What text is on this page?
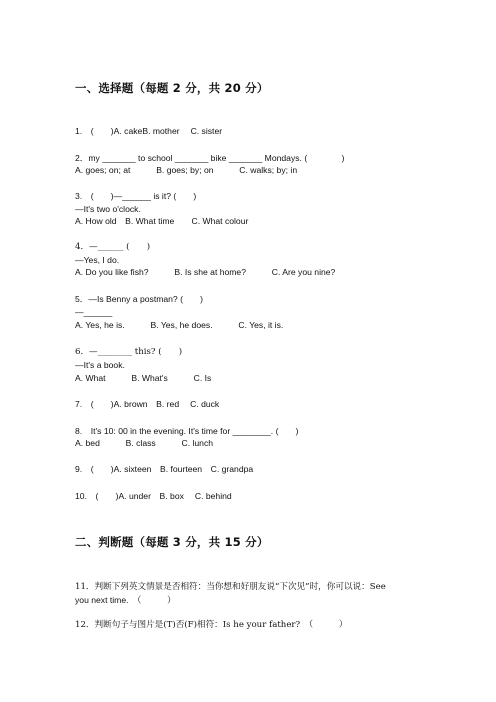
一、选择题（每题 2 分，共 20 分）
1.　(　　)A. cakeB. mother　 C. sister
2．my _______ to school _______ bike _______ Mondays. (　　　　)
A. goes; on; at　　　B. goes; by; on　　　C. walks; by; in
3.　(　　)—______ is it? (　　)
—It's two o'clock.
A. How old　B. What time　　C. What colour
4．—______ (　　)
—Yes, I do.
A. Do you like fish?　　　B. Is she at home?　　　C. Are you nine?
5．—Is Benny a postman? (　　)
—______
A. Yes, he is.　　　B. Yes, he does.　　　C. Yes, it is.
6．—________ this? (　　)
—It's a book.
A. What　　　B. What's　　　C. Is
7.　(　　)A. brown　B. red　 C. duck
8.　It's 10: 00 in the evening. It's time for ________. (　　)
A. bed　　　B. class　　　C. lunch
9.　(　　)A. sixteen　B. fourteen　C. grandpa
10.　(　　)A. under　B. box　 C. behind
二、判断题（每题 3 分，共 15 分）
11．判断下列英文情景是否相符：当你想和好朋友说“下次见”时，你可以说：See
you next time.　（　　　）
12．判断句子与图片是(T)否(F)相符：Is he your father?　（　　　）
